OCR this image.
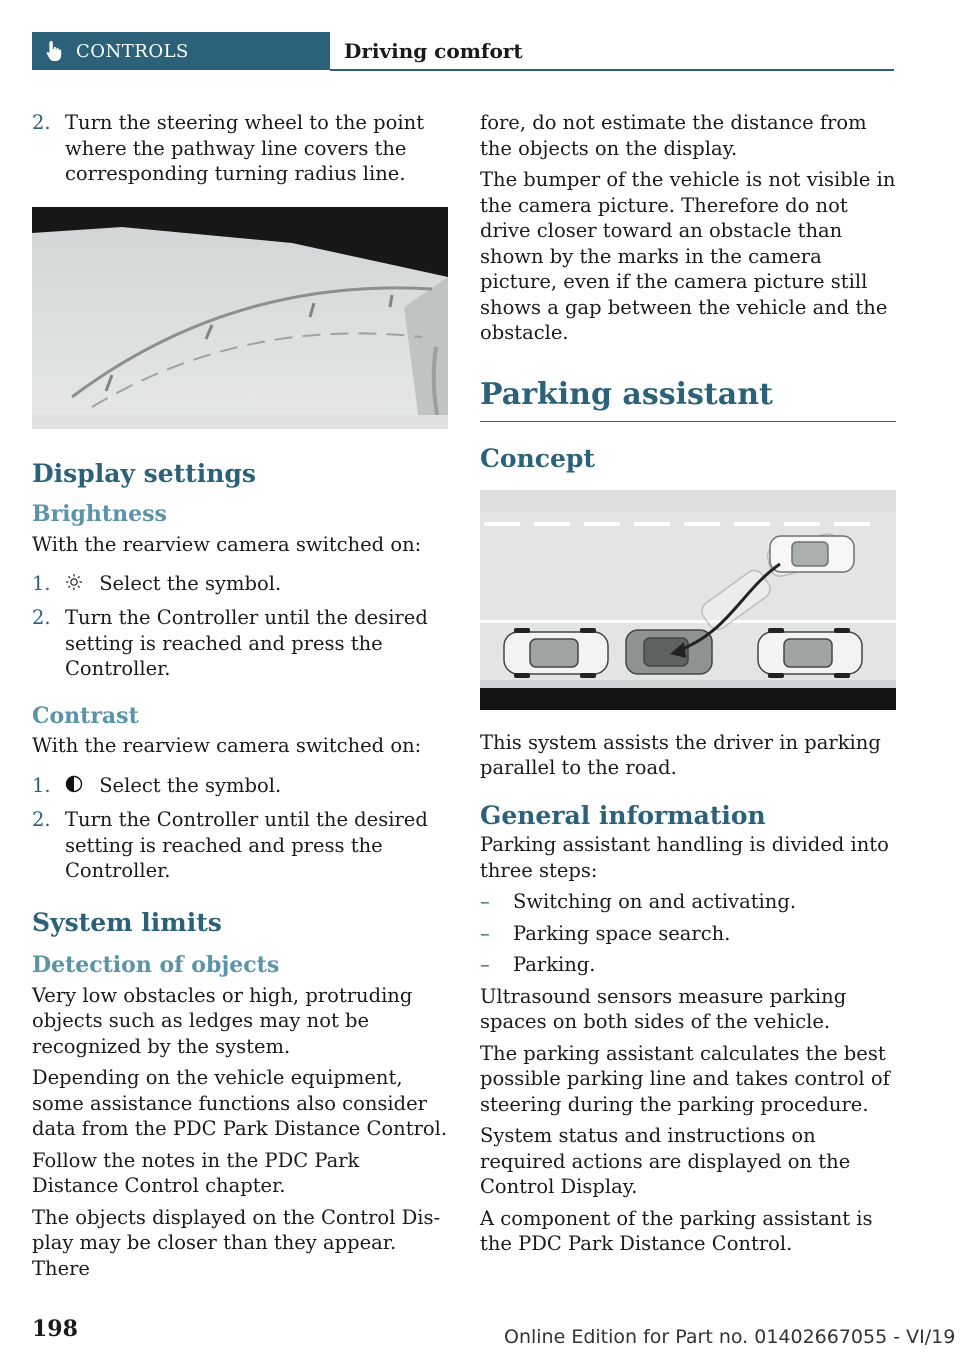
CONTROLS	Driving comfort
2. Turn the steering wheel to the point where the pathway line covers the corresponding turning radius line.
Display settings
Brightness

With the rearview camera switched on:

1. Select the symbol.
2. Turn the Controller until the desired setting is reached and press the Controller.
Contrast

With the rearview camera switched on:

1. Select the symbol.
2. Turn the Controller until the desired setting is reached and press the Controller.
System limits
Detection of objects

Very low obstacles or high, protruding objects such as ledges may not be recognized by the system.

Depending on the vehicle equipment, some assistance functions also consider data from the PDC Park Distance Control.

Follow the notes in the PDC Park Distance Control chapter.

The objects displayed on the Control Display may be closer than they appear. There

fore, do not estimate the distance from the objects on the display.

The bumper of the vehicle is not visible in the camera picture. Therefore do not drive closer toward an obstacle than shown by the marks in the camera picture, even if the camera picture still shows a gap between the vehicle and the obstacle.

Parking assistant
Concept

This system assists the driver in parking parallel to the road.

General information

Parking assistant handling is divided into three steps:

– Switching on and activating.
– Parking space search.
– Parking.

Ultrasound sensors measure parking spaces on both sides of the vehicle.

The parking assistant calculates the best possible parking line and takes control of steering during the parking procedure.

System status and instructions on required actions are displayed on the Control Display.

A component of the parking assistant is the PDC Park Distance Control.

198	Online Edition for Part no. 01402667055 - VI/19
